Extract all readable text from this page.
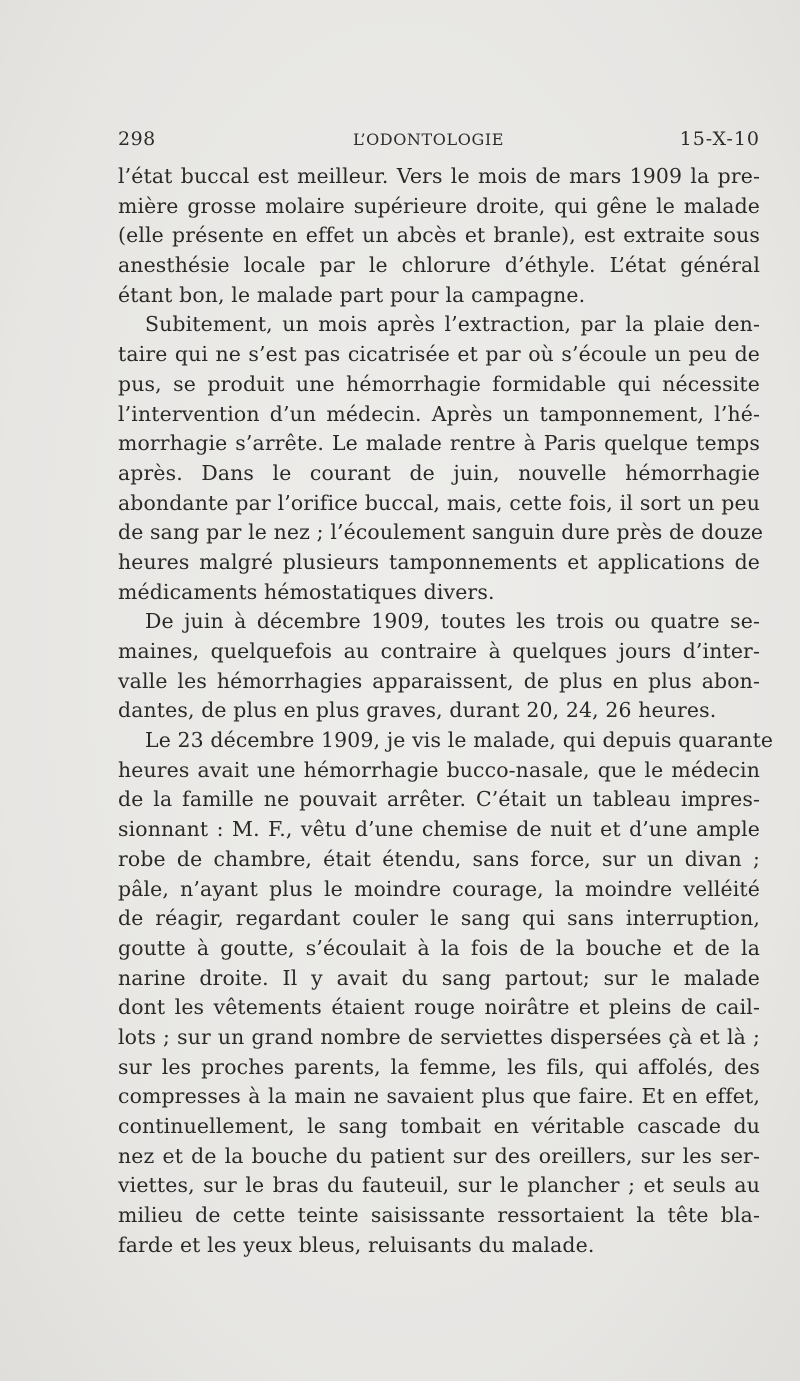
298	L’ODONTOLOGIE	15-X-10
l’état buccal est meilleur. Vers le mois de mars 1909 la pre-
mière grosse molaire supérieure droite, qui gêne le malade
(elle présente en effet un abcès et branle), est extraite sous
anesthésie locale par le chlorure d’éthyle. L’état général
étant bon, le malade part pour la campagne.
Subitement, un mois après l’extraction, par la plaie den-
taire qui ne s’est pas cicatrisée et par où s’écoule un peu de
pus, se produit une hémorrhagie formidable qui nécessite
l’intervention d’un médecin. Après un tamponnement, l’hé-
morrhagie s’arrête. Le malade rentre à Paris quelque temps
après. Dans le courant de juin, nouvelle hémorrhagie
abondante par l’orifice buccal, mais, cette fois, il sort un peu
de sang par le nez ; l’écoulement sanguin dure près de douze
heures malgré plusieurs tamponnements et applications de
médicaments hémostatiques divers.
De juin à décembre 1909, toutes les trois ou quatre se-
maines, quelquefois au contraire à quelques jours d’inter-
valle les hémorrhagies apparaissent, de plus en plus abon-
dantes, de plus en plus graves, durant 20, 24, 26 heures.
Le 23 décembre 1909, je vis le malade, qui depuis quarante
heures avait une hémorrhagie bucco-nasale, que le médecin
de la famille ne pouvait arrêter. C’était un tableau impres-
sionnant : M. F., vêtu d’une chemise de nuit et d’une ample
robe de chambre, était étendu, sans force, sur un divan ;
pâle, n’ayant plus le moindre courage, la moindre velléité
de réagir, regardant couler le sang qui sans interruption,
goutte à goutte, s’écoulait à la fois de la bouche et de la
narine droite. Il y avait du sang partout; sur le malade
dont les vêtements étaient rouge noirâtre et pleins de cail-
lots ; sur un grand nombre de serviettes dispersées çà et là ;
sur les proches parents, la femme, les fils, qui affolés, des
compresses à la main ne savaient plus que faire. Et en effet,
continuellement, le sang tombait en véritable cascade du
nez et de la bouche du patient sur des oreillers, sur les ser-
viettes, sur le bras du fauteuil, sur le plancher ; et seuls au
milieu de cette teinte saisissante ressortaient la tête bla-
farde et les yeux bleus, reluisants du malade.
